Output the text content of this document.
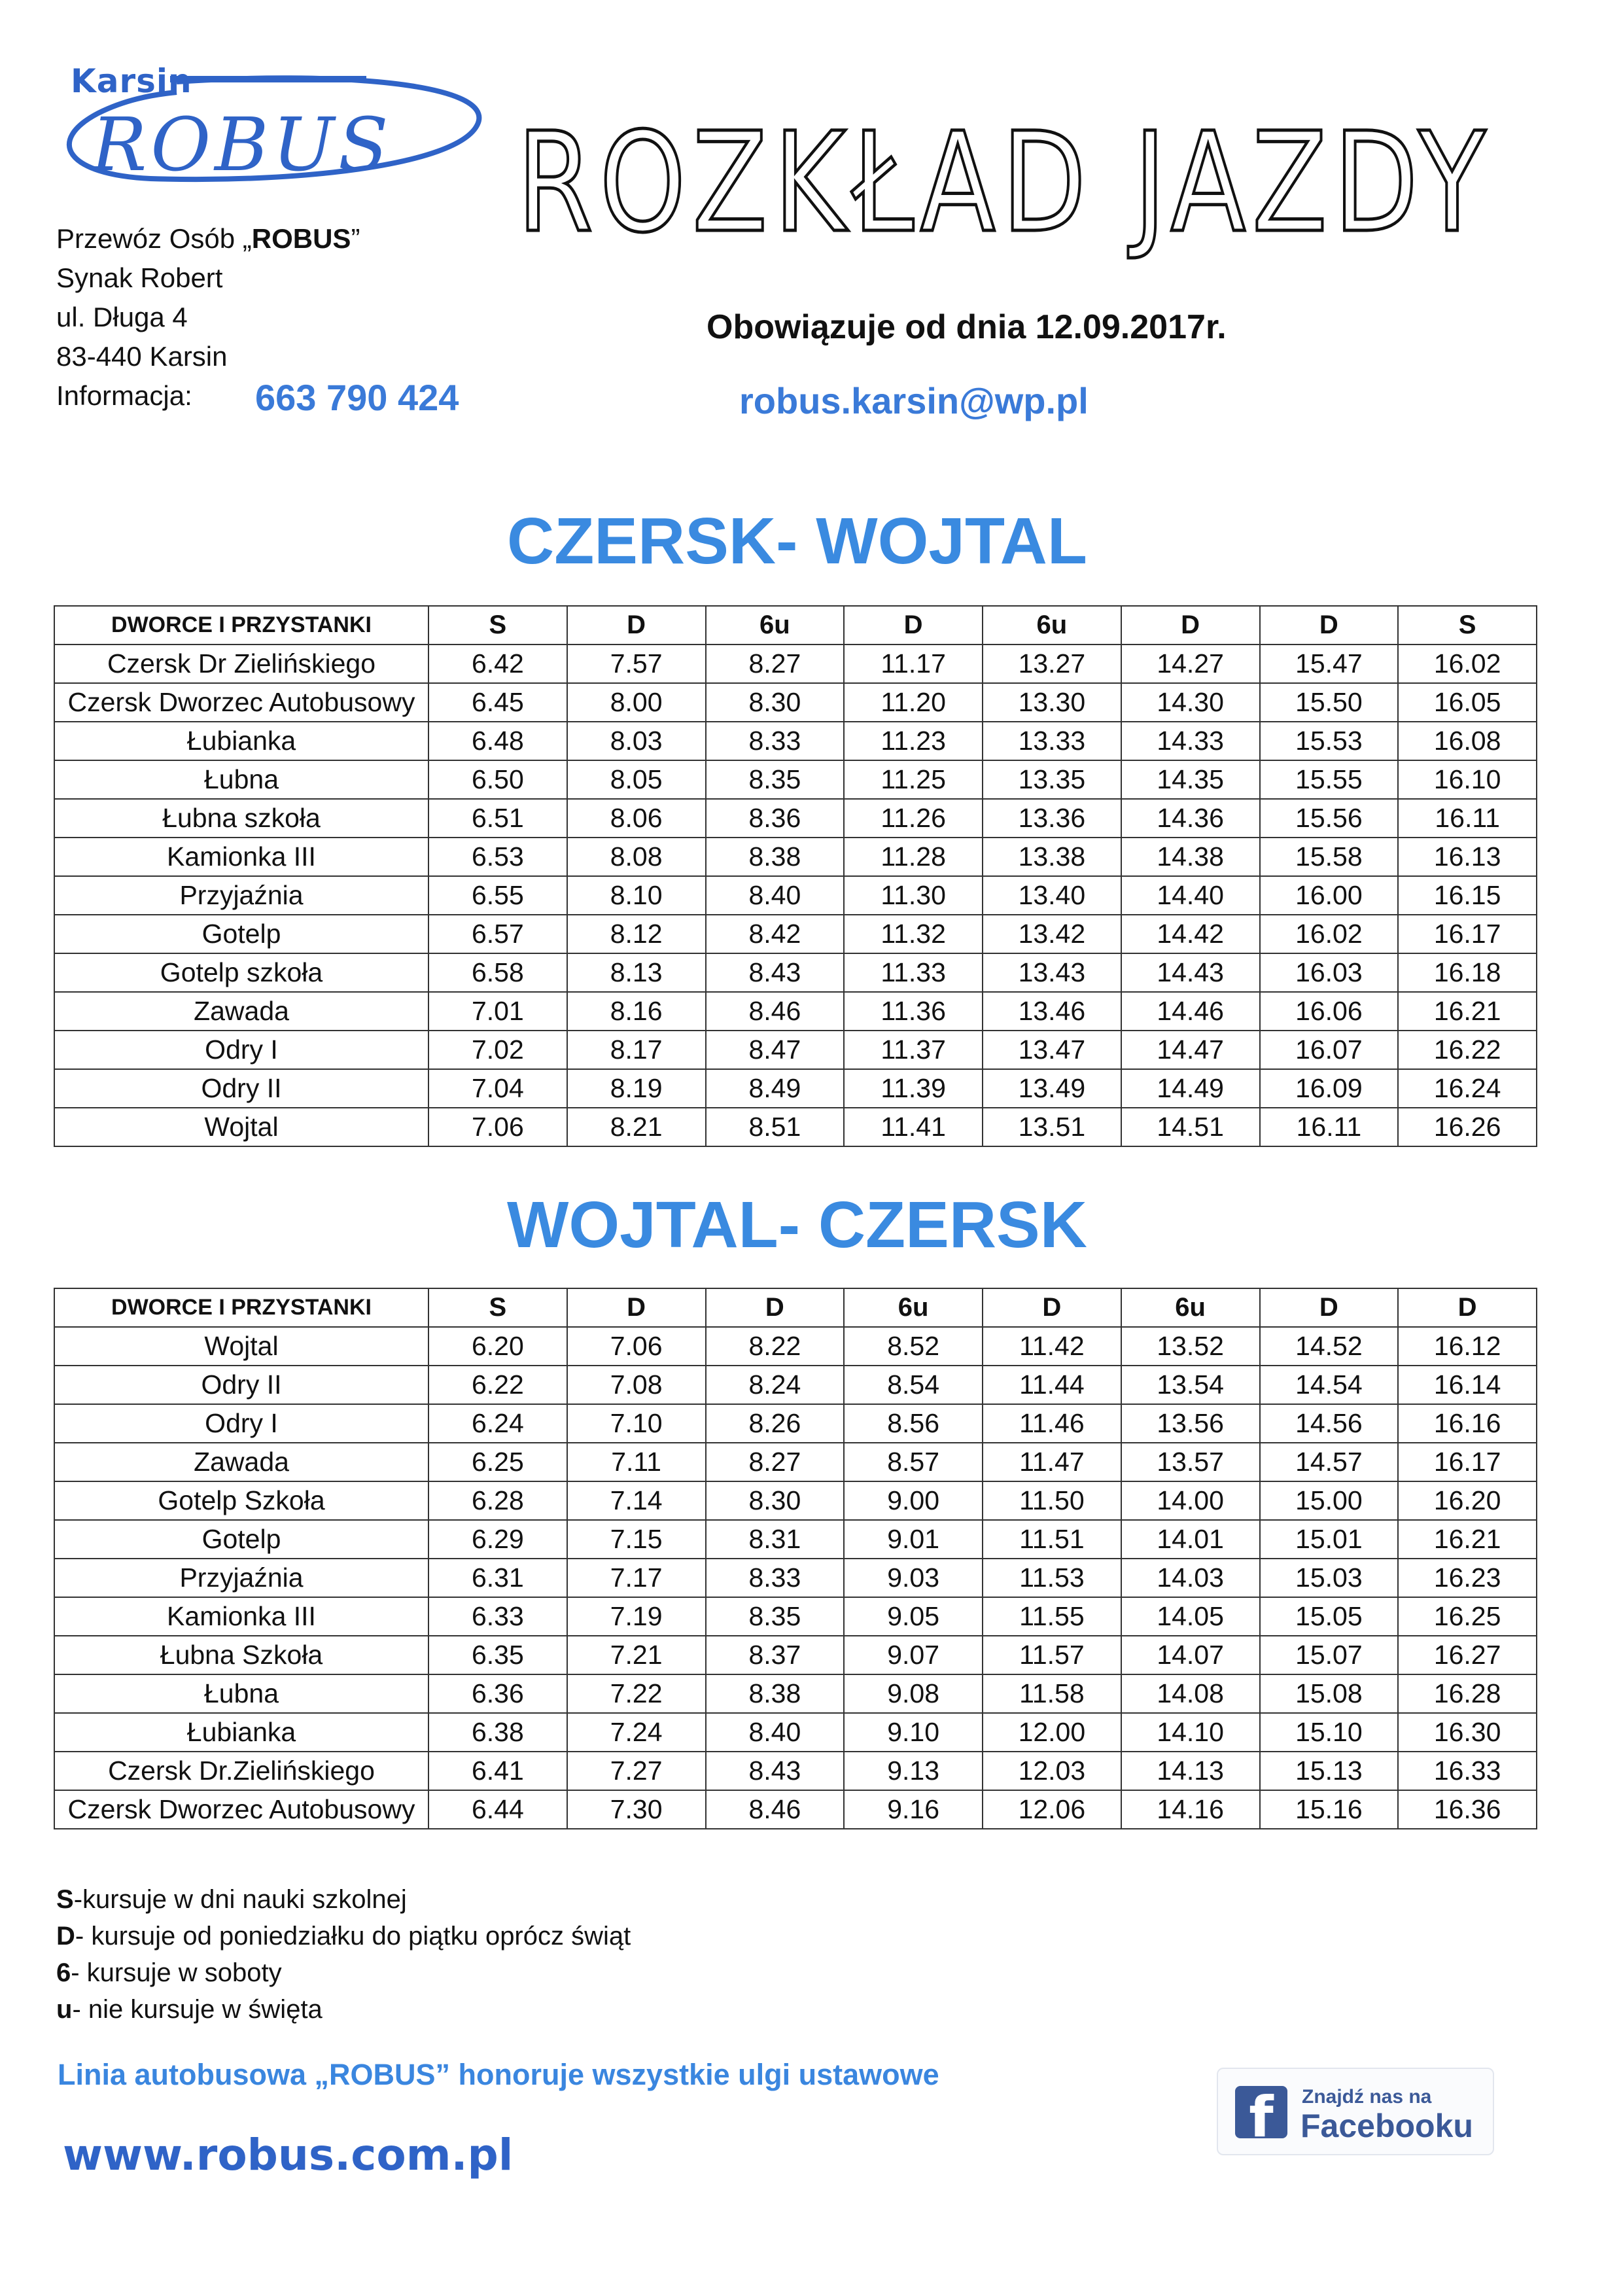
Karsin
ROBUS ROZKŁAD JAZDY
Przewóz Osób „ROBUS”
Synak Robert
ul. Długa 4
83-440 Karsin
Informacja:	663 790 424
Obowiązuje od dnia 12.09.2017r.
robus.karsin@wp.pl
CZERSK- WOJTAL
DWORCE I PRZYSTANKI	S	D	6u	D	6u	D	D	S
Czersk Dr Zielińskiego	6.42	7.57	8.27	11.17	13.27	14.27	15.47	16.02
Czersk Dworzec Autobusowy	6.45	8.00	8.30	11.20	13.30	14.30	15.50	16.05
Łubianka	6.48	8.03	8.33	11.23	13.33	14.33	15.53	16.08
Łubna	6.50	8.05	8.35	11.25	13.35	14.35	15.55	16.10
Łubna szkoła	6.51	8.06	8.36	11.26	13.36	14.36	15.56	16.11
Kamionka III	6.53	8.08	8.38	11.28	13.38	14.38	15.58	16.13
Przyjaźnia	6.55	8.10	8.40	11.30	13.40	14.40	16.00	16.15
Gotelp	6.57	8.12	8.42	11.32	13.42	14.42	16.02	16.17
Gotelp szkoła	6.58	8.13	8.43	11.33	13.43	14.43	16.03	16.18
Zawada	7.01	8.16	8.46	11.36	13.46	14.46	16.06	16.21
Odry I	7.02	8.17	8.47	11.37	13.47	14.47	16.07	16.22
Odry II	7.04	8.19	8.49	11.39	13.49	14.49	16.09	16.24
Wojtal	7.06	8.21	8.51	11.41	13.51	14.51	16.11	16.26
WOJTAL- CZERSK
DWORCE I PRZYSTANKI	S	D	D	6u	D	6u	D	D
Wojtal	6.20	7.06	8.22	8.52	11.42	13.52	14.52	16.12
Odry II	6.22	7.08	8.24	8.54	11.44	13.54	14.54	16.14
Odry I	6.24	7.10	8.26	8.56	11.46	13.56	14.56	16.16
Zawada	6.25	7.11	8.27	8.57	11.47	13.57	14.57	16.17
Gotelp Szkoła	6.28	7.14	8.30	9.00	11.50	14.00	15.00	16.20
Gotelp	6.29	7.15	8.31	9.01	11.51	14.01	15.01	16.21
Przyjaźnia	6.31	7.17	8.33	9.03	11.53	14.03	15.03	16.23
Kamionka III	6.33	7.19	8.35	9.05	11.55	14.05	15.05	16.25
Łubna Szkoła	6.35	7.21	8.37	9.07	11.57	14.07	15.07	16.27
Łubna	6.36	7.22	8.38	9.08	11.58	14.08	15.08	16.28
Łubianka	6.38	7.24	8.40	9.10	12.00	14.10	15.10	16.30
Czersk Dr.Zielińskiego	6.41	7.27	8.43	9.13	12.03	14.13	15.13	16.33
Czersk Dworzec Autobusowy	6.44	7.30	8.46	9.16	12.06	14.16	15.16	16.36
S-kursuje w dni nauki szkolnej
D- kursuje od poniedziałku do piątku oprócz świąt
6- kursuje w soboty
u- nie kursuje w święta
Linia autobusowa „ROBUS” honoruje wszystkie ulgi ustawowe
www.robus.com.pl
f	Znajdź nas na
Facebooku
